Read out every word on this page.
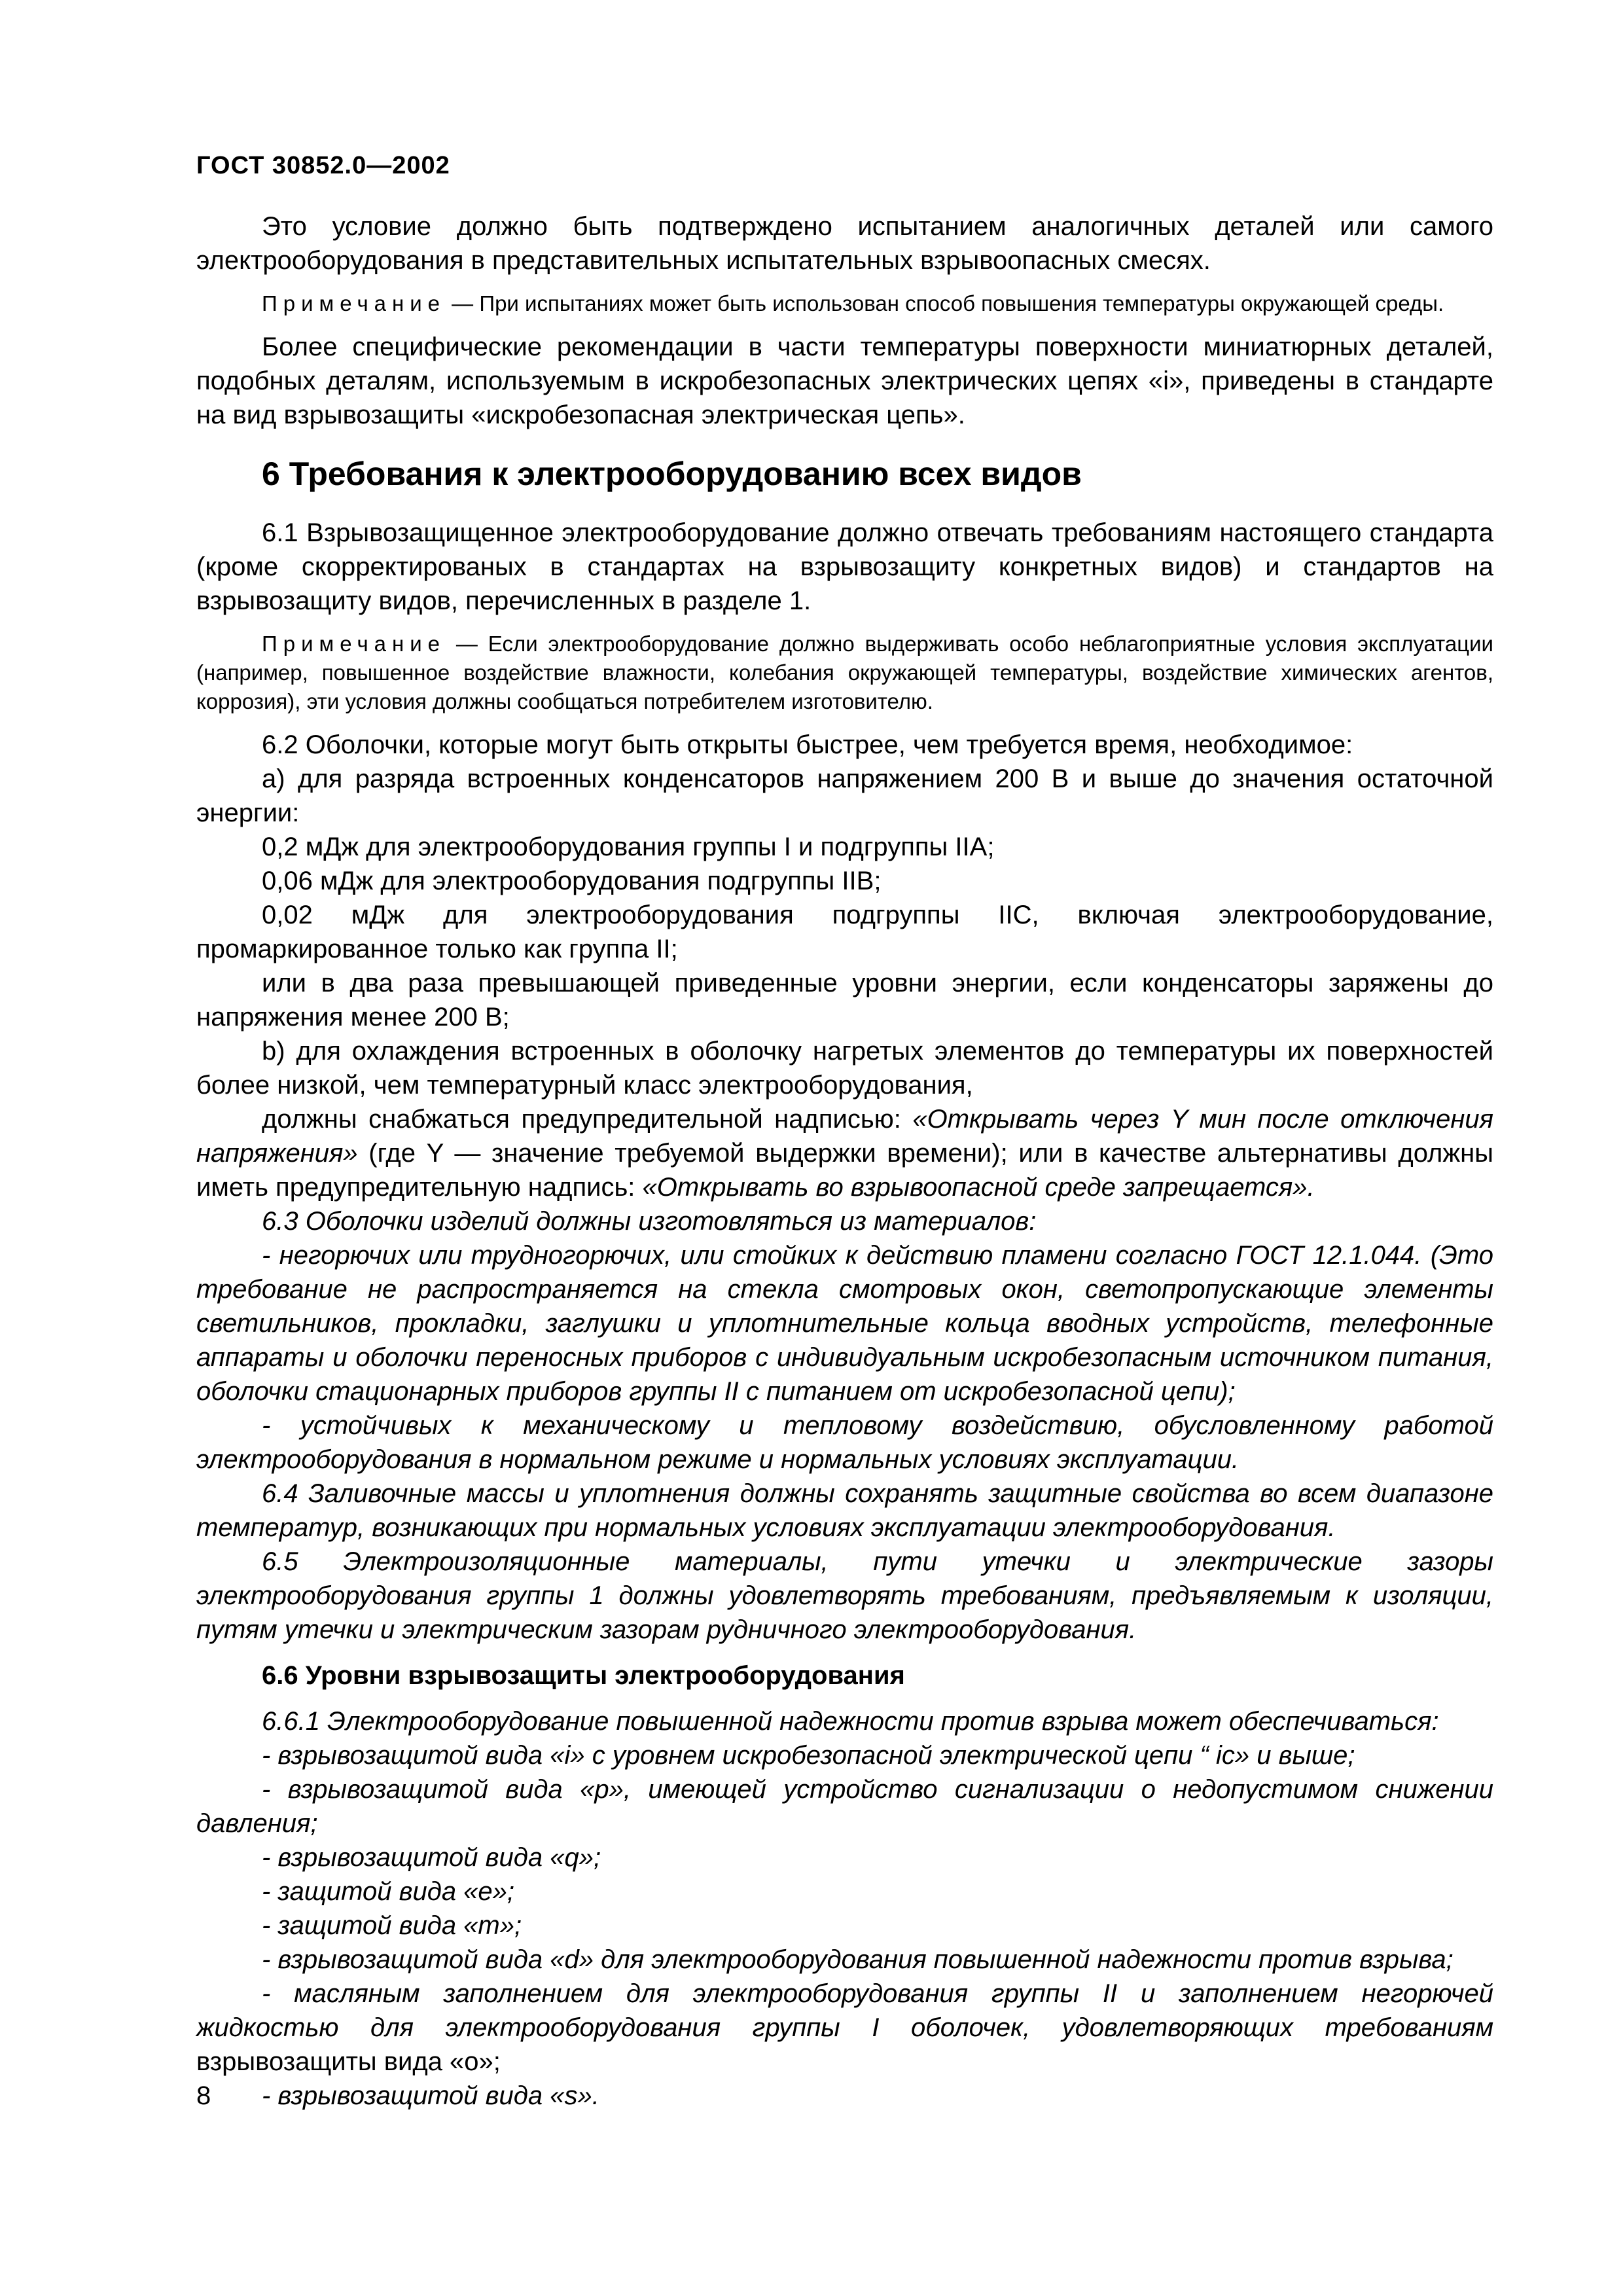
ГОСТ 30852.0—2002

Это условие должно быть подтверждено испытанием аналогичных деталей или самого электрооборудования в представительных испытательных взрывоопасных смесях.

Примечание — При испытаниях может быть использован способ повышения температуры окружающей среды.

Более специфические рекомендации в части температуры поверхности миниатюрных деталей, подобных деталям, используемым в искробезопасных электрических цепях «i», приведены в стандарте на вид взрывозащиты «искробезопасная электрическая цепь».

6 Требования к электрооборудованию всех видов

6.1 Взрывозащищенное электрооборудование должно отвечать требованиям настоящего стандарта (кроме скорректированых в стандартах на взрывозащиту конкретных видов) и стандартов на взрывозащиту видов, перечисленных в разделе 1.

Примечание — Если электрооборудование должно выдерживать особо неблагоприятные условия эксплуатации (например, повышенное воздействие влажности, колебания окружающей температуры, воздействие химических агентов, коррозия), эти условия должны сообщаться потребителем изготовителю.

6.2 Оболочки, которые могут быть открыты быстрее, чем требуется время, необходимое:

a) для разряда встроенных конденсаторов напряжением 200 В и выше до значения остаточной энергии:

0,2 мДж для электрооборудования группы I и подгруппы IIA;

0,06 мДж для электрооборудования подгруппы IIB;

0,02 мДж для электрооборудования подгруппы IIC, включая электрооборудование, промаркированное только как группа II;

или в два раза превышающей приведенные уровни энергии, если конденсаторы заряжены до напряжения менее 200 В;

b) для охлаждения встроенных в оболочку нагретых элементов до температуры их поверхностей более низкой, чем температурный класс электрооборудования,

должны снабжаться предупредительной надписью: «Открывать через Y мин после отключения напряжения» (где Y — значение требуемой выдержки времени); или в качестве альтернативы должны иметь предупредительную надпись: «Открывать во взрывоопасной среде запрещается».

6.3 Оболочки изделий должны изготовляться из материалов:

- негорючих или трудногорючих, или стойких к действию пламени согласно ГОСТ 12.1.044. (Это требование не распространяется на стекла смотровых окон, светопропускающие элементы светильников, прокладки, заглушки и уплотнительные кольца вводных устройств, телефонные аппараты и оболочки переносных приборов с индивидуальным искробезопасным источником питания, оболочки стационарных приборов группы II с питанием от искробезопасной цепи);

- устойчивых к механическому и тепловому воздействию, обусловленному работой электрооборудования в нормальном режиме и нормальных условиях эксплуатации.

6.4 Заливочные массы и уплотнения должны сохранять защитные свойства во всем диапазоне температур, возникающих при нормальных условиях эксплуатации электрооборудования.

6.5 Электроизоляционные материалы, пути утечки и электрические зазоры электрооборудования группы 1 должны удовлетворять требованиям, предъявляемым к изоляции, путям утечки и электрическим зазорам рудничного электрооборудования.

6.6 Уровни взрывозащиты электрооборудования

6.6.1 Электрооборудование повышенной надежности против взрыва может обеспечиваться:

- взрывозащитой вида «i» с уровнем искробезопасной электрической цепи “ ic» и выше;

- взрывозащитой вида «р», имеющей устройство сигнализации о недопустимом снижении давления;

- взрывозащитой вида «q»;

- защитой вида «е»;

- защитой вида «m»;

- взрывозащитой вида «d» для электрооборудования повышенной надежности против взрыва;

- масляным заполнением для электрооборудования группы II и заполнением негорючей жидкостью для электрооборудования группы I оболочек, удовлетворяющих требованиям взрывозащиты вида «о»;

- взрывозащитой вида «s».

8
